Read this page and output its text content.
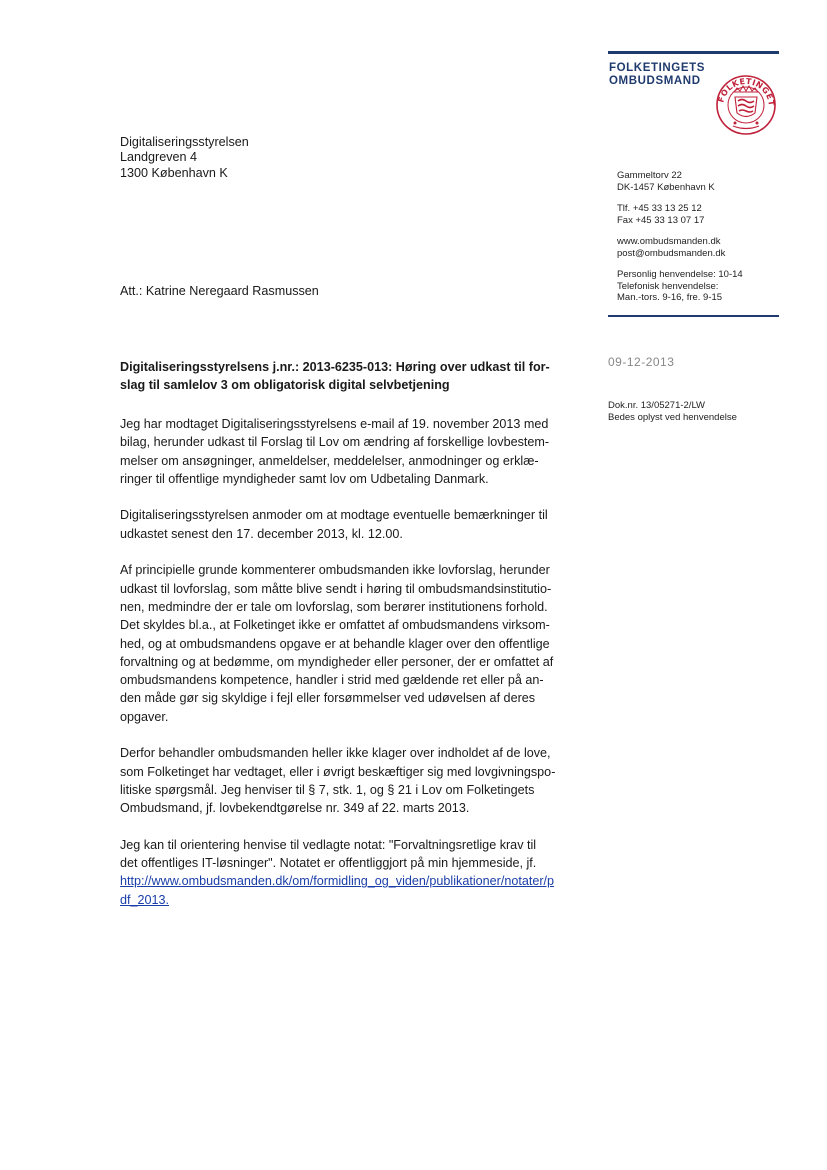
FOLKETINGETS
OMBUDSMAND
FOLKETINGET
Gammeltorv 22
DK-1457 København K
Tlf. +45 33 13 25 12
Fax +45 33 13 07 17
www.ombudsmanden.dk
post@ombudsmanden.dk
Personlig henvendelse: 10-14
Telefonisk henvendelse:
Man.-tors. 9-16, fre. 9-15
Digitaliseringsstyrelsen
Landgreven 4
1300 København K
Att.: Katrine Neregaard Rasmussen
09-12-2013
Dok.nr. 13/05271-2/LW
Bedes oplyst ved henvendelse
Digitaliseringsstyrelsens j.nr.: 2013-6235-013: Høring over udkast til for-
slag til samlelov 3 om obligatorisk digital selvbetjening
Jeg har modtaget Digitaliseringsstyrelsens e-mail af 19. november 2013 med
bilag, herunder udkast til Forslag til Lov om ændring af forskellige lovbestem-
melser om ansøgninger, anmeldelser, meddelelser, anmodninger og erklæ-
ringer til offentlige myndigheder samt lov om Udbetaling Danmark.
Digitaliseringsstyrelsen anmoder om at modtage eventuelle bemærkninger til
udkastet senest den 17. december 2013, kl. 12.00.
Af principielle grunde kommenterer ombudsmanden ikke lovforslag, herunder
udkast til lovforslag, som måtte blive sendt i høring til ombudsmandsinstitutio-
nen, medmindre der er tale om lovforslag, som berører institutionens forhold.
Det skyldes bl.a., at Folketinget ikke er omfattet af ombudsmandens virksom-
hed, og at ombudsmandens opgave er at behandle klager over den offentlige
forvaltning og at bedømme, om myndigheder eller personer, der er omfattet af
ombudsmandens kompetence, handler i strid med gældende ret eller på an-
den måde gør sig skyldige i fejl eller forsømmelser ved udøvelsen af deres
opgaver.
Derfor behandler ombudsmanden heller ikke klager over indholdet af de love,
som Folketinget har vedtaget, eller i øvrigt beskæftiger sig med lovgivningspo-
litiske spørgsmål. Jeg henviser til § 7, stk. 1, og § 21 i Lov om Folketingets
Ombudsmand, jf. lovbekendtgørelse nr. 349 af 22. marts 2013.
Jeg kan til orientering henvise til vedlagte notat: "Forvaltningsretlige krav til
det offentliges IT-løsninger". Notatet er offentliggjort på min hjemmeside, jf.
http://www.ombudsmanden.dk/om/formidling_og_viden/publikationer/notater/p
df_2013.
